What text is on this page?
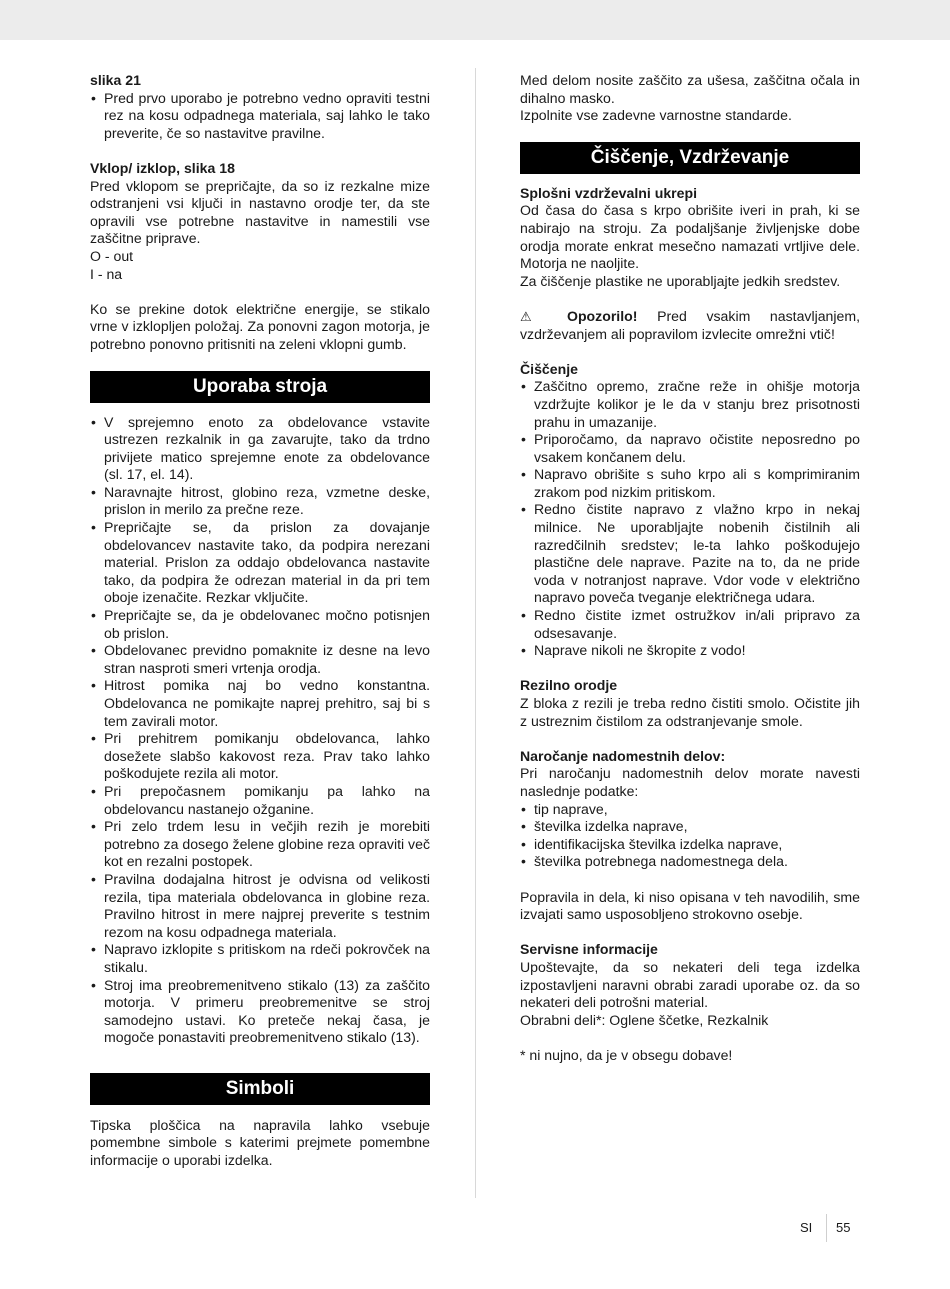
slika 21

• Pred prvo uporabo je potrebno vedno opraviti testni rez na kosu odpadnega materiala, saj lahko le tako preverite, če so nastavitve pravilne.

Vklop/ izklop, slika 18

Pred vklopom se prepričajte, da so iz rezkalne mize odstranjeni vsi ključi in nastavno orodje ter, da ste opravili vse potrebne nastavitve in namestili vse zaščitne priprave.

O - out

I - na

Ko se prekine dotok električne energije, se stikalo vrne v izklopljen položaj. Za ponovni zagon motorja, je potrebno ponovno pritisniti na zeleni vklopni gumb.

Uporaba stroja
• V sprejemno enoto za obdelovance vstavite ustrezen rezkalnik in ga zavarujte, tako da trdno privijete matico sprejemne enote za obdelovance (sl. 17, el. 14).
• Naravnajte hitrost, globino reza, vzmetne deske, prislon in merilo za prečne reze.
• Prepričajte se, da prislon za dovajanje obdelovancev nastavite tako, da podpira nerezani material. Prislon za oddajo obdelovanca nastavite tako, da podpira že odrezan material in da pri tem oboje izenačite. Rezkar vključite.
• Prepričajte se, da je obdelovanec močno potisnjen ob prislon.
• Obdelovanec previdno pomaknite iz desne na levo stran nasproti smeri vrtenja orodja.
• Hitrost pomika naj bo vedno konstantna. Obdelovanca ne pomikajte naprej prehitro, saj bi s tem zavirali motor.
• Pri prehitrem pomikanju obdelovanca, lahko dosežete slabšo kakovost reza. Prav tako lahko poškodujete rezila ali motor.
• Pri prepočasnem pomikanju pa lahko na obdelovancu nastanejo ožganine.
• Pri zelo trdem lesu in večjih rezih je morebiti potrebno za dosego želene globine reza opraviti več kot en rezalni postopek.
• Pravilna dodajalna hitrost je odvisna od velikosti rezila, tipa materiala obdelovanca in globine reza. Pravilno hitrost in mere najprej preverite s testnim rezom na kosu odpadnega materiala.
• Napravo izklopite s pritiskom na rdeči pokrovček na stikalu.
• Stroj ima preobremenitveno stikalo (13) za zaščito motorja. V primeru preobremenitve se stroj samodejno ustavi. Ko preteče nekaj časa, je mogoče ponastaviti preobremenitveno stikalo (13).
Simboli

Tipska ploščica na napravila lahko vsebuje pomembne simbole s katerimi prejmete pomembne informacije o uporabi izdelka.

Med delom nosite zaščito za ušesa, zaščitna očala in dihalno masko.

Izpolnite vse zadevne varnostne standarde.

Čiščenje, Vzdrževanje

Splošni vzdrževalni ukrepi

Od časa do časa s krpo obrišite iveri in prah, ki se nabirajo na stroju. Za podaljšanje življenjske dobe orodja morate enkrat mesečno namazati vrtljive dele. Motorja ne naoljite.

Za čiščenje plastike ne uporabljajte jedkih sredstev.

⚠ Opozorilo! Pred vsakim nastavljanjem, vzdrževanjem ali popravilom izvlecite omrežni vtič!

Čiščenje

• Zaščitno opremo, zračne reže in ohišje motorja vzdržujte kolikor je le da v stanju brez prisotnosti prahu in umazanije.
• Priporočamo, da napravo očistite neposredno po vsakem končanem delu.
• Napravo obrišite s suho krpo ali s komprimiranim zrakom pod nizkim pritiskom.
• Redno čistite napravo z vlažno krpo in nekaj milnice. Ne uporabljajte nobenih čistilnih ali razredčilnih sredstev; le-ta lahko poškodujejo plastične dele naprave. Pazite na to, da ne pride voda v notranjost naprave. Vdor vode v električno napravo poveča tveganje električnega udara.
• Redno čistite izmet ostružkov in/ali pripravo za odsesavanje.
• Naprave nikoli ne škropite z vodo!

Rezilno orodje

Z bloka z rezili je treba redno čistiti smolo. Očistite jih z ustreznim čistilom za odstranjevanje smole.

Naročanje nadomestnih delov:

Pri naročanju nadomestnih delov morate navesti naslednje podatke:

• tip naprave,
• številka izdelka naprave,
• identifikacijska številka izdelka naprave,
• številka potrebnega nadomestnega dela.

Popravila in dela, ki niso opisana v teh navodilih, sme izvajati samo usposobljeno strokovno osebje.

Servisne informacije

Upoštevajte, da so nekateri deli tega izdelka izpostavljeni naravni obrabi zaradi uporabe oz. da so nekateri deli potrošni material.

Obrabni deli*: Oglene ščetke, Rezkalnik

* ni nujno, da je v obsegu dobave!

SI 55
